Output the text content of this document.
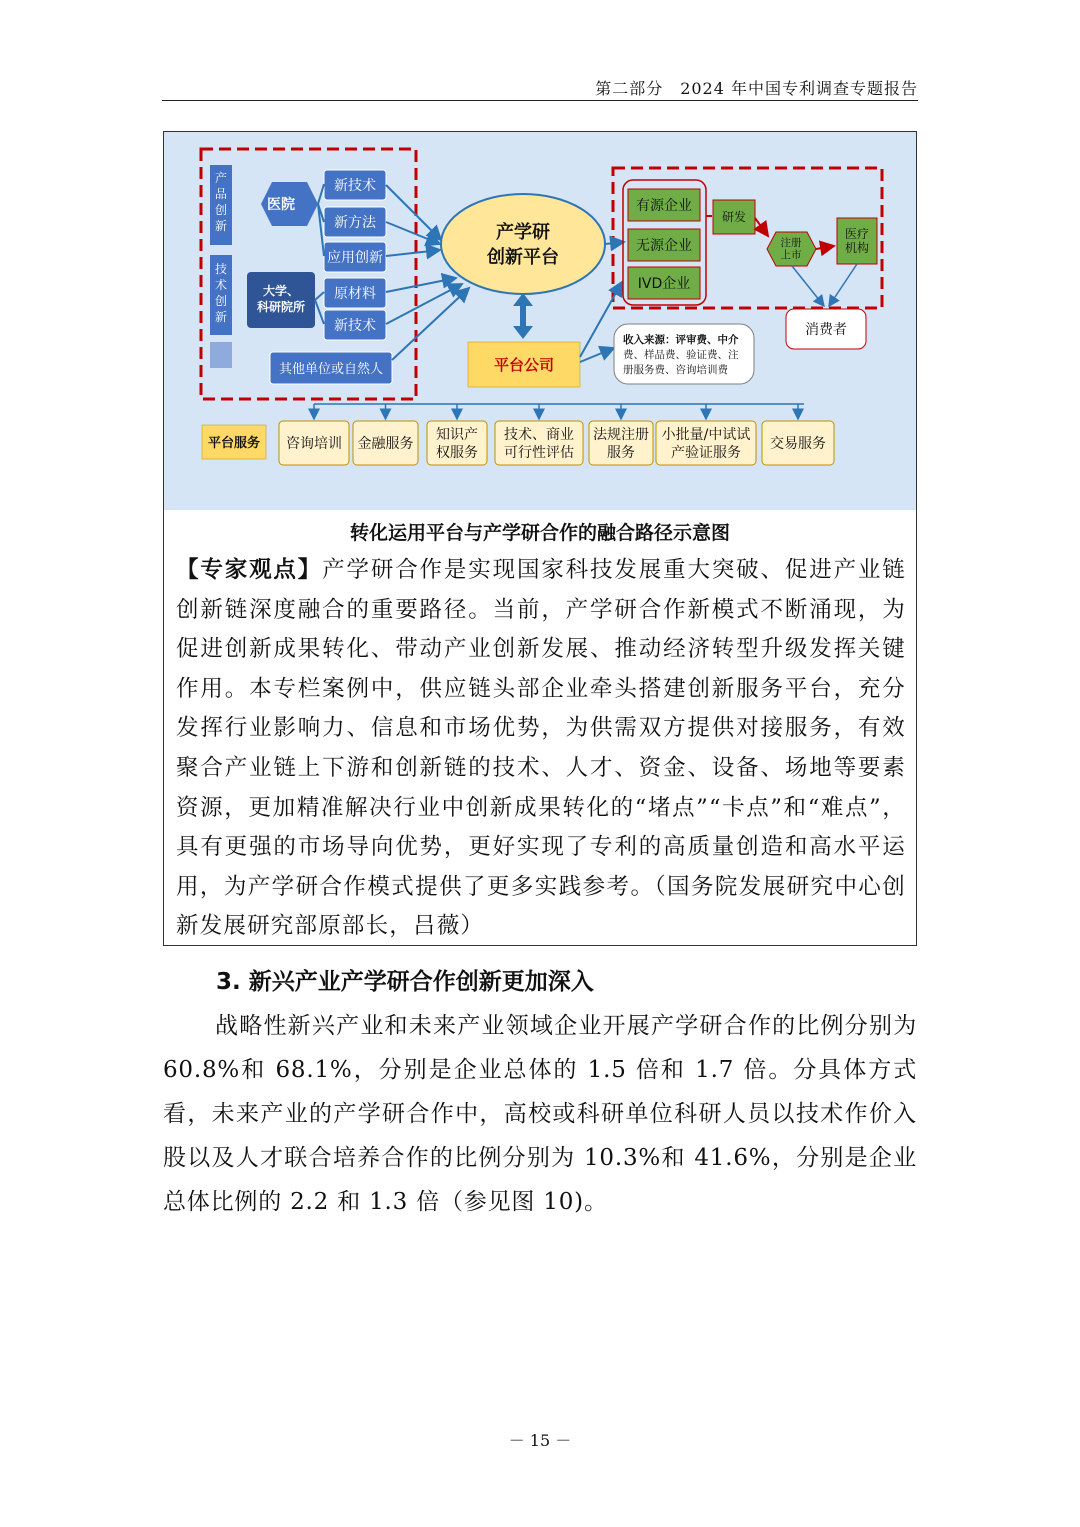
第二部分　2024 年中国专利调查专题报告
产品创新
技术创新
医院
大学、科研院所
新技术
新方法
应用创新
原材料
新技术
其他单位或自然人
产学研创新平台
平台公司
有源企业
无源企业
IVD企业
研发
注册上市
医疗机构
消费者
收入来源：评审费、中介费、样品费、验证费、注册服务费、咨询培训费
平台服务 咨询培训 金融服务
知识产权服务
技术、商业可行性评估
法规注册服务
小批量/中试试产验证服务
交易服务
转化运用平台与产学研合作的融合路径示意图
【专家观点】产学研合作是实现国家科技发展重大突破、促进产业链创新链深度融合的重要路径。当前，产学研合作新模式不断涌现，为促进创新成果转化、带动产业创新发展、推动经济转型升级发挥关键作用。本专栏案例中，供应链头部企业牵头搭建创新服务平台，充分发挥行业影响力、信息和市场优势，为供需双方提供对接服务，有效聚合产业链上下游和创新链的技术、人才、资金、设备、场地等要素资源，更加精准解决行业中创新成果转化的“堵点”“卡点”和“难点”，具有更强的市场导向优势，更好实现了专利的高质量创造和高水平运用，为产学研合作模式提供了更多实践参考。（国务院发展研究中心创新发展研究部原部长，吕薇）
3. 新兴产业产学研合作创新更加深入
战略性新兴产业和未来产业领域企业开展产学研合作的比例分别为 60.8%和 68.1%，分别是企业总体的 1.5 倍和 1.7 倍。分具体方式看，未来产业的产学研合作中，高校或科研单位科研人员以技术作价入股以及人才联合培养合作的比例分别为 10.3%和 41.6%，分别是企业总体比例的 2.2 和 1.3 倍（参见图 10)。
－ 15 －
